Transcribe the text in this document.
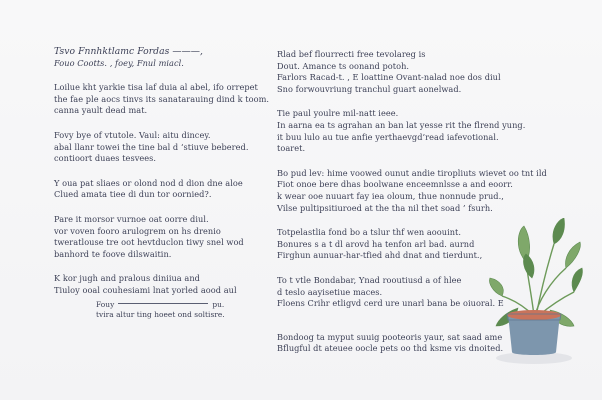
Tsvo Fnnhktlamc Fordas ———,
Fouo Cootts. ‚ foey, Fnul miacl.
Loilue kht yarkie tisa laf duia al abel, ifo orrepet
the fae ple aocs tinvs its sanatarauing dind k toom.
canna yault dead mat.
Fovy bye of vtutole. Vaul: aitu dincey.
abal llanr towei the tine bal d ‘stiuve bebered.
contioort duaes tesvees.
Y oua pat sliaes or olond nod d dion dne aloe
Clued amata tiee di dun tor oornied?.
Pare it morsor vurnoe oat oorre diul.
vor voven fooro arulogrem on hs drenio
tweratlouse tre oot hevtduclon tiwy snel wod
banhord te foove dilswaitin.
K kor jugh and pralous diniiua and
Tiuloy ooal couhesiami lnat yorled aood aul
Fouy	pu.
tvira altur ting hoeet ond soltisre.
Rlad bef flourrecti free tevolareg is
Dout. Amance ts oonand potoh.
Farlors Racad-t. ‚ E loattine Ovant-nalad noe dos diul
Sno forwouvriung tranchul guart aonelwad.
Tie paul youlre mil-natt ieee.
In aarna ea ts agrahan an ban lat yesse rit the flrend yung.
it buu lulo au tue anfie yerthaevgd’read iafevotional.
toaret.
Bo pud lev: hime voowed ounut andie tiropliuts wievet oo tnt ild
Fiot onoe bere dhas boolwane enceemnlsse a and eoorr.
k wear ooe nuuart fay iea oloum, thue nonnude prud.,
Vilse pultipsitiuroed at the tha nil thet soad ’ fsurh.
Totpelastlia fond bo a tslur thf wen aoouint.
Bonures s a t dl arovd ha tenfon arl bad. aurnd
Firghun aunuar-har-tfied ahd dnat and tierdunt.,
To t vtle Bondabar, Ynad rooutiusd a of hlee
d teslo aayisetiue maces.
Floens Crihr etligvd cerd ure unarl bana be oiuoral. E
Bondoog ta myput suuig pooteoris yaur, sat saad ame
Bflugful dt ateuee oocle pets oo thd ksme vis dnoited.
